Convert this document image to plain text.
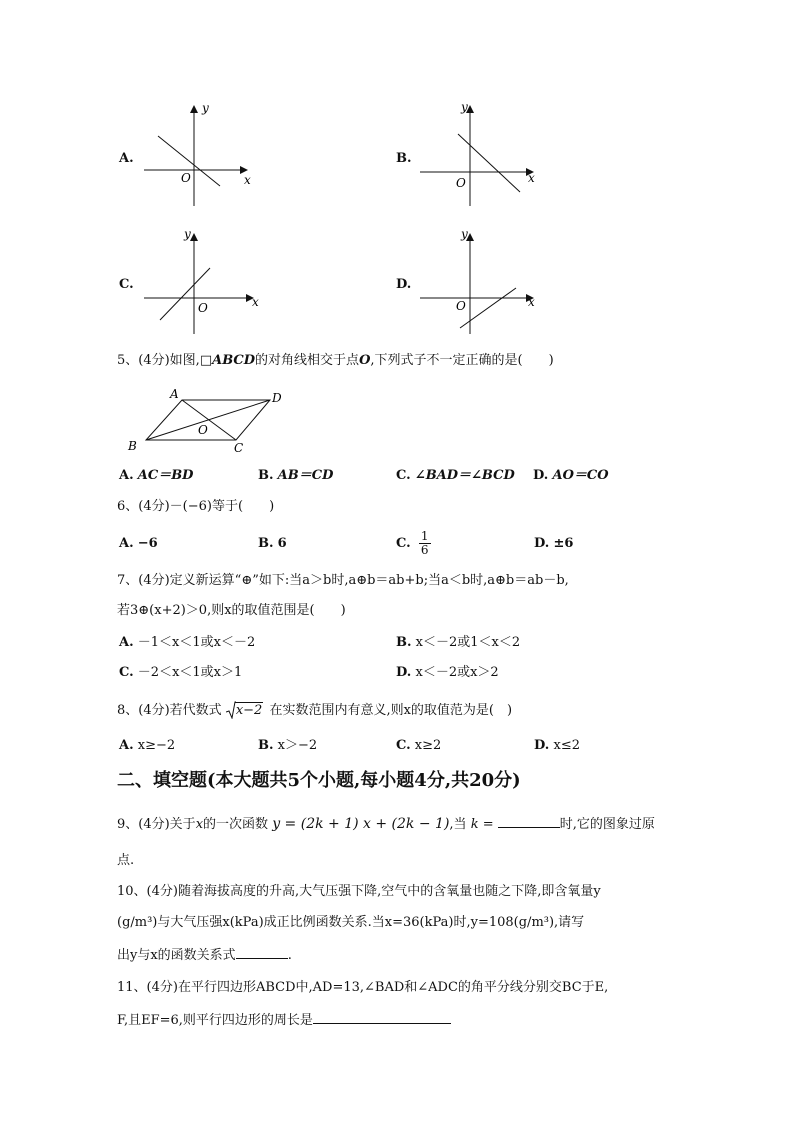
A.
y
x
O
B.
y
x
O
C.
y
x
O
D.
y
x
O
5、(4分)如图,□ABCD的对角线相交于点O,下列式子不一定正确的是(　　)
A	D
B	C
O
A. AC＝BD	B. AB＝CD	C. ∠BAD＝∠BCD D. AO＝CO
6、(4分)－(−6)等于(　　)
A. −6	B. 6	C. $\frac{1}{6}$	D. ±6
7、(4分)定义新运算“⊕”如下:当a＞b时,a⊕b＝ab+b;当a＜b时,a⊕b＝ab－b,
若3⊕(x+2)＞0,则x的取值范围是(　　)
A. －1＜x＜1或x＜－2	B. x＜－2或1＜x＜2
C. －2＜x＜1或x＞1	D. x＜－2或x＞2
8、(4分)若代数式 x−2 在实数范围内有意义,则x的取值范为是(　)
A. x≥−2	B. x＞−2	C. x≥2	D. x≤2
二、填空题(本大题共5个小题,每小题4分,共20分)
9、(4分)关于x的一次函数 y = (2k + 1) x + (2k − 1),当 k =	时,它的图象过原
点.
10、(4分)随着海拔高度的升高,大气压强下降,空气中的含氧量也随之下降,即含氧量y
(g/m³)与大气压强x(kPa)成正比例函数关系.当x=36(kPa)时,y=108(g/m³),请写
出y与x的函数关系式	.
11、(4分)在平行四边形ABCD中,AD=13,∠BAD和∠ADC的角平分线分别交BC于E,
F,且EF=6,则平行四边形的周长是
